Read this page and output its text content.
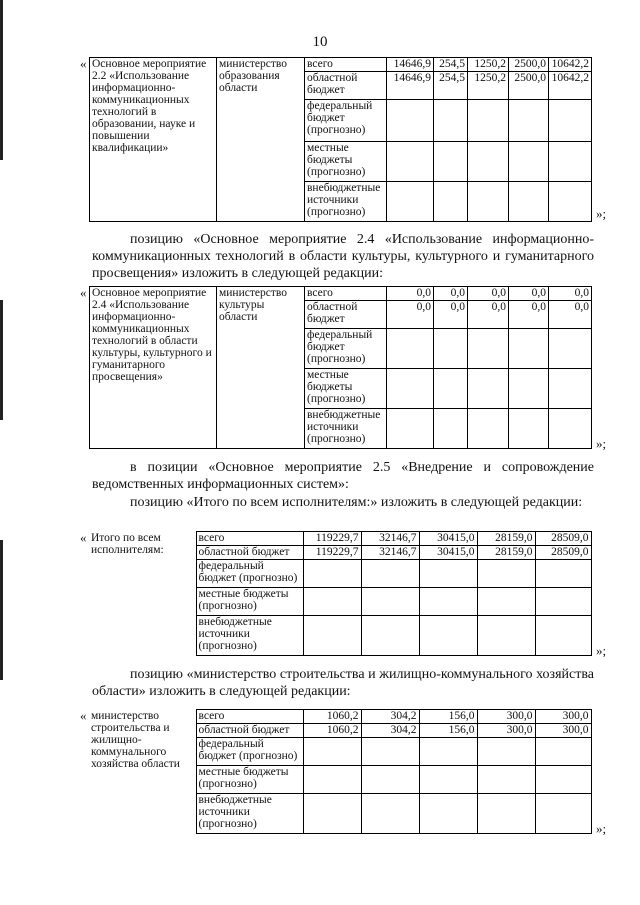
10
« Основное мероприятие 2.2 «Использование информационно-коммуникационных технологий в образовании, науке и повышении квалификации»	министерство образования области	всего	14646,9	254,5	1250,2	2500,0	10642,2
		областной бюджет	14646,9	254,5	1250,2	2500,0	10642,2
		федеральный бюджет (прогнозно)					
		местные бюджеты (прогнозно)					
		внебюджетные источники (прогнозно)						»;
позицию «Основное мероприятие 2.4 «Использование информационно-коммуникационных технологий в области культуры, культурного и гуманитарного просвещения» изложить в следующей редакции:
« Основное мероприятие 2.4 «Использование информационно-коммуникационных технологий в области культуры, культурного и гуманитарного просвещения»	министерство культуры области	всего	0,0	0,0	0,0	0,0	0,0
		областной бюджет	0,0	0,0	0,0	0,0	0,0
		федеральный бюджет (прогнозно)					
		местные бюджеты (прогнозно)					
		внебюджетные источники (прогнозно)						»;
в позиции «Основное мероприятие 2.5 «Внедрение и сопровождение ведомственных информационных систем»:
позицию «Итого по всем исполнителям:» изложить в следующей редакции:
« Итого по всем исполнителям:	всего	119229,7	32146,7	30415,0	28159,0	28509,0
	областной бюджет	119229,7	32146,7	30415,0	28159,0	28509,0
	федеральный бюджет (прогнозно)					
	местные бюджеты (прогнозно)					
	внебюджетные источники (прогнозно)						»;
позицию «министерство строительства и жилищно-коммунального хозяйства области» изложить в следующей редакции:
« министерство строительства и жилищно-коммунального хозяйства области	всего	1060,2	304,2	156,0	300,0	300,0
	областной бюджет	1060,2	304,2	156,0	300,0	300,0
	федеральный бюджет (прогнозно)					
	местные бюджеты (прогнозно)					
	внебюджетные источники (прогнозно)						»;
